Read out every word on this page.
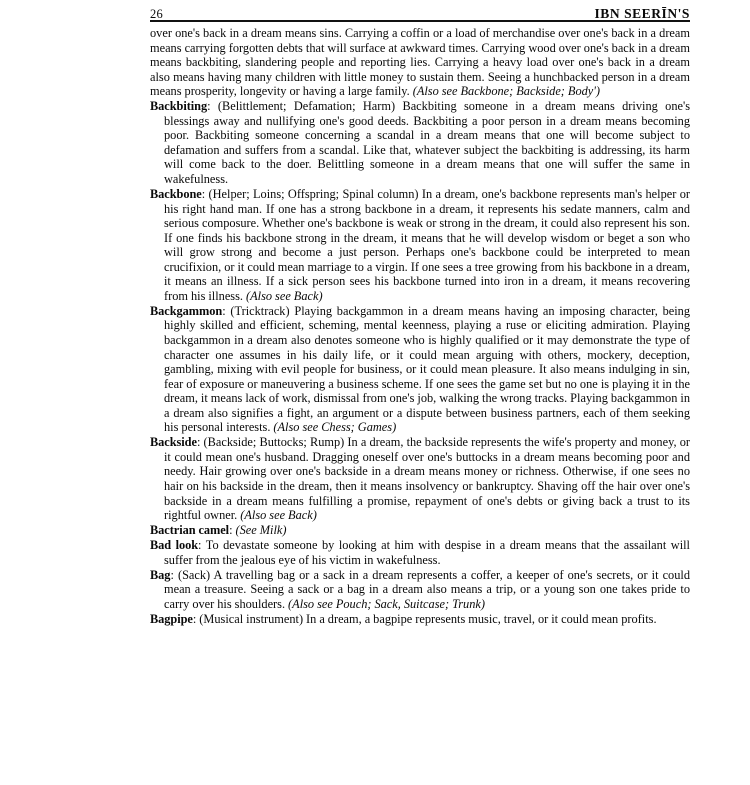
26	IBN SEERĪN'S

over one's back in a dream means sins. Carrying a coffin or a load of merchandise over one's back in a dream means carrying forgotten debts that will surface at awkward times. Carrying wood over one's back in a dream means backbiting, slandering people and reporting lies. Carrying a heavy load over one's back in a dream also means having many children with little money to sustain them. Seeing a hunchbacked person in a dream means prosperity, longevity or having a large family. (Also see Backbone; Backside; Body')

Backbiting: (Belittlement; Defamation; Harm) Backbiting someone in a dream means driving one's blessings away and nullifying one's good deeds. Backbiting a poor person in a dream means becoming poor. Backbiting someone concerning a scandal in a dream means that one will become subject to defamation and suffers from a scandal. Like that, whatever subject the backbiting is addressing, its harm will come back to the doer. Belittling someone in a dream means that one will suffer the same in wakefulness.

Backbone: (Helper; Loins; Offspring; Spinal column) In a dream, one's backbone represents man's helper or his right hand man. If one has a strong backbone in a dream, it represents his sedate manners, calm and serious composure. Whether one's backbone is weak or strong in the dream, it could also represent his son. If one finds his backbone strong in the dream, it means that he will develop wisdom or beget a son who will grow strong and become a just person. Perhaps one's backbone could be interpreted to mean crucifixion, or it could mean marriage to a virgin. If one sees a tree growing from his backbone in a dream, it means an illness. If a sick person sees his backbone turned into iron in a dream, it means recovering from his illness. (Also see Back)

Backgammon: (Tricktrack) Playing backgammon in a dream means having an imposing character, being highly skilled and efficient, scheming, mental keenness, playing a ruse or eliciting admiration. Playing backgammon in a dream also denotes someone who is highly qualified or it may demonstrate the type of character one assumes in his daily life, or it could mean arguing with others, mockery, deception, gambling, mixing with evil people for business, or it could mean pleasure. It also means indulging in sin, fear of exposure or maneuvering a business scheme. If one sees the game set but no one is playing it in the dream, it means lack of work, dismissal from one's job, walking the wrong tracks. Playing backgammon in a dream also signifies a fight, an argument or a dispute between business partners, each of them seeking his personal interests. (Also see Chess; Games)

Backside: (Backside; Buttocks; Rump) In a dream, the backside represents the wife's property and money, or it could mean one's husband. Dragging oneself over one's buttocks in a dream means becoming poor and needy. Hair growing over one's backside in a dream means money or richness. Otherwise, if one sees no hair on his backside in the dream, then it means insolvency or bankruptcy. Shaving off the hair over one's backside in a dream means fulfilling a promise, repayment of one's debts or giving back a trust to its rightful owner. (Also see Back)

Bactrian camel: (See Milk)

Bad look: To devastate someone by looking at him with despise in a dream means that the assailant will suffer from the jealous eye of his victim in wakefulness.

Bag: (Sack) A travelling bag or a sack in a dream represents a coffer, a keeper of one's secrets, or it could mean a treasure. Seeing a sack or a bag in a dream also means a trip, or a young son one takes pride to carry over his shoulders. (Also see Pouch; Sack, Suitcase; Trunk)

Bagpipe: (Musical instrument) In a dream, a bagpipe represents music, travel, or it could mean profits.
